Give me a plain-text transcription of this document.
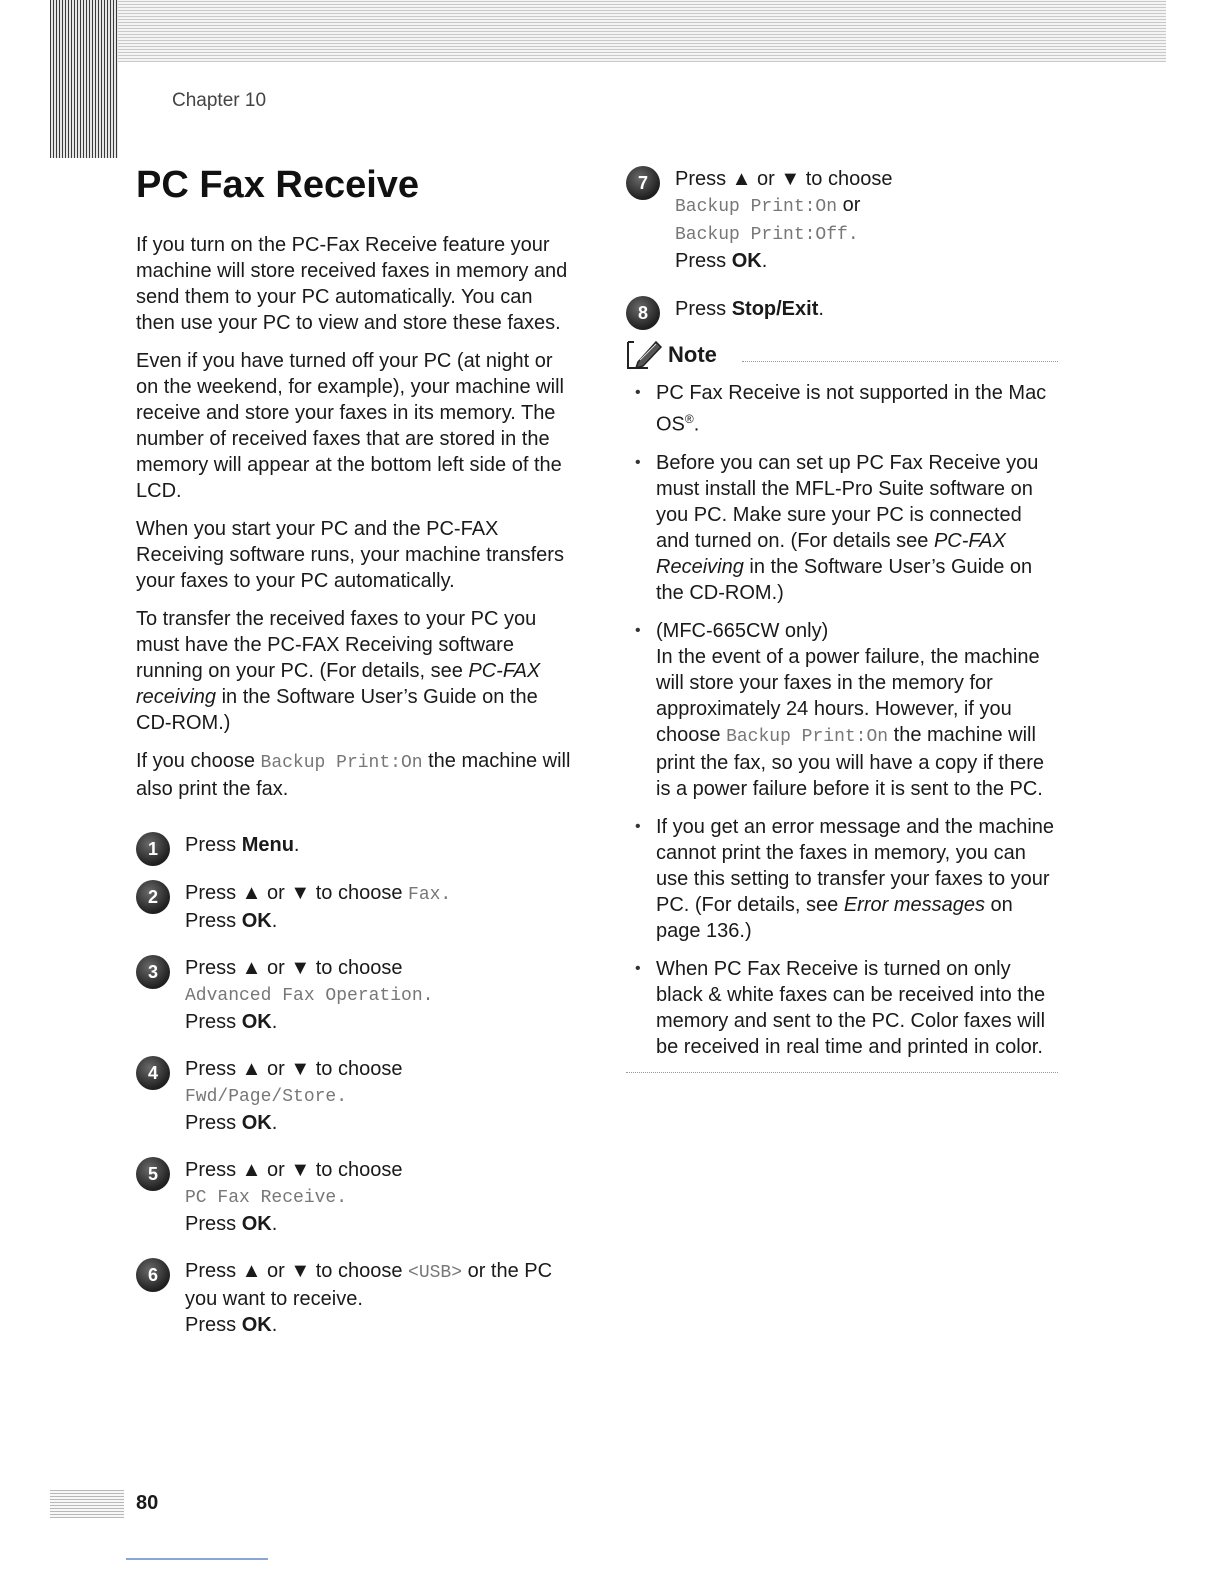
Chapter 10
PC Fax Receive

If you turn on the PC-Fax Receive feature your machine will store received faxes in memory and send them to your PC automatically. You can then use your PC to view and store these faxes.

Even if you have turned off your PC (at night or on the weekend, for example), your machine will receive and store your faxes in its memory. The number of received faxes that are stored in the memory will appear at the bottom left side of the LCD.

When you start your PC and the PC-FAX Receiving software runs, your machine transfers your faxes to your PC automatically.

To transfer the received faxes to your PC you must have the PC-FAX Receiving software running on your PC. (For details, see PC-FAX receiving in the Software User’s Guide on the CD-ROM.)

If you choose Backup Print:On the machine will also print the fax.

1	Press Menu.
2	Press ▲ or ▼ to choose Fax.
Press OK.
3	Press ▲ or ▼ to choose
Advanced Fax Operation.
Press OK.
4	Press ▲ or ▼ to choose
Fwd/Page/Store.
Press OK.
5	Press ▲ or ▼ to choose
PC Fax Receive.
Press OK.
6	Press ▲ or ▼ to choose <USB> or the PC you want to receive.
Press OK.
7	Press ▲ or ▼ to choose
Backup Print:On or
Backup Print:Off.
Press OK.
8	Press Stop/Exit.
Note
• PC Fax Receive is not supported in the Mac OS®.
• Before you can set up PC Fax Receive you must install the MFL-Pro Suite software on you PC. Make sure your PC is connected and turned on. (For details see PC-FAX Receiving in the Software User’s Guide on the CD-ROM.)
• (MFC-665CW only)
In the event of a power failure, the machine will store your faxes in the memory for approximately 24 hours. However, if you choose Backup Print:On the machine will print the fax, so you will have a copy if there is a power failure before it is sent to the PC.
• If you get an error message and the machine cannot print the faxes in memory, you can use this setting to transfer your faxes to your PC. (For details, see Error messages on page 136.)
• When PC Fax Receive is turned on only black & white faxes can be received into the memory and sent to the PC. Color faxes will be received in real time and printed in color.
80
